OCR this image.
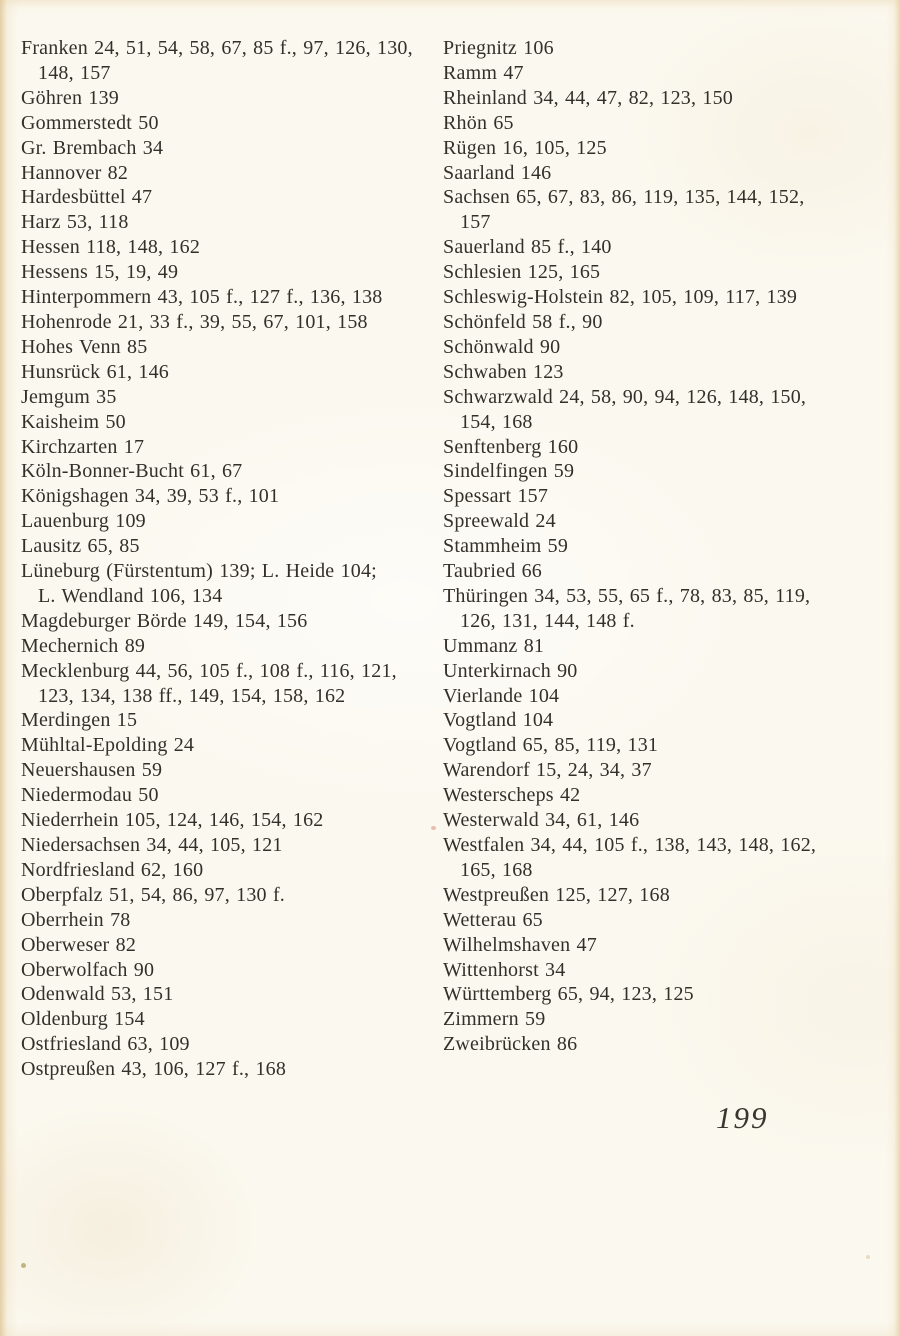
Franken 24, 51, 54, 58, 67, 85 f., 97, 126, 130,
148, 157
Göhren 139
Gommerstedt 50
Gr. Brembach 34
Hannover 82
Hardesbüttel 47
Harz 53, 118
Hessen 118, 148, 162
Hessens 15, 19, 49
Hinterpommern 43, 105 f., 127 f., 136, 138
Hohenrode 21, 33 f., 39, 55, 67, 101, 158
Hohes Venn 85
Hunsrück 61, 146
Jemgum 35
Kaisheim 50
Kirchzarten 17
Köln-Bonner-Bucht 61, 67
Königshagen 34, 39, 53 f., 101
Lauenburg 109
Lausitz 65, 85
Lüneburg (Fürstentum) 139; L. Heide 104;
L. Wendland 106, 134
Magdeburger Börde 149, 154, 156
Mechernich 89
Mecklenburg 44, 56, 105 f., 108 f., 116, 121,
123, 134, 138 ff., 149, 154, 158, 162
Merdingen 15
Mühltal-Epolding 24
Neuershausen 59
Niedermodau 50
Niederrhein 105, 124, 146, 154, 162
Niedersachsen 34, 44, 105, 121
Nordfriesland 62, 160
Oberpfalz 51, 54, 86, 97, 130 f.
Oberrhein 78
Oberweser 82
Oberwolfach 90
Odenwald 53, 151
Oldenburg 154
Ostfriesland 63, 109
Ostpreußen 43, 106, 127 f., 168
Priegnitz 106
Ramm 47
Rheinland 34, 44, 47, 82, 123, 150
Rhön 65
Rügen 16, 105, 125
Saarland 146
Sachsen 65, 67, 83, 86, 119, 135, 144, 152,
157
Sauerland 85 f., 140
Schlesien 125, 165
Schleswig-Holstein 82, 105, 109, 117, 139
Schönfeld 58 f., 90
Schönwald 90
Schwaben 123
Schwarzwald 24, 58, 90, 94, 126, 148, 150,
154, 168
Senftenberg 160
Sindelfingen 59
Spessart 157
Spreewald 24
Stammheim 59
Taubried 66
Thüringen 34, 53, 55, 65 f., 78, 83, 85, 119,
126, 131, 144, 148 f.
Ummanz 81
Unterkirnach 90
Vierlande 104
Vogtland 104
Vogtland 65, 85, 119, 131
Warendorf 15, 24, 34, 37
Westerscheps 42
Westerwald 34, 61, 146
Westfalen 34, 44, 105 f., 138, 143, 148, 162,
165, 168
Westpreußen 125, 127, 168
Wetterau 65
Wilhelmshaven 47
Wittenhorst 34
Württemberg 65, 94, 123, 125
Zimmern 59
Zweibrücken 86
199
